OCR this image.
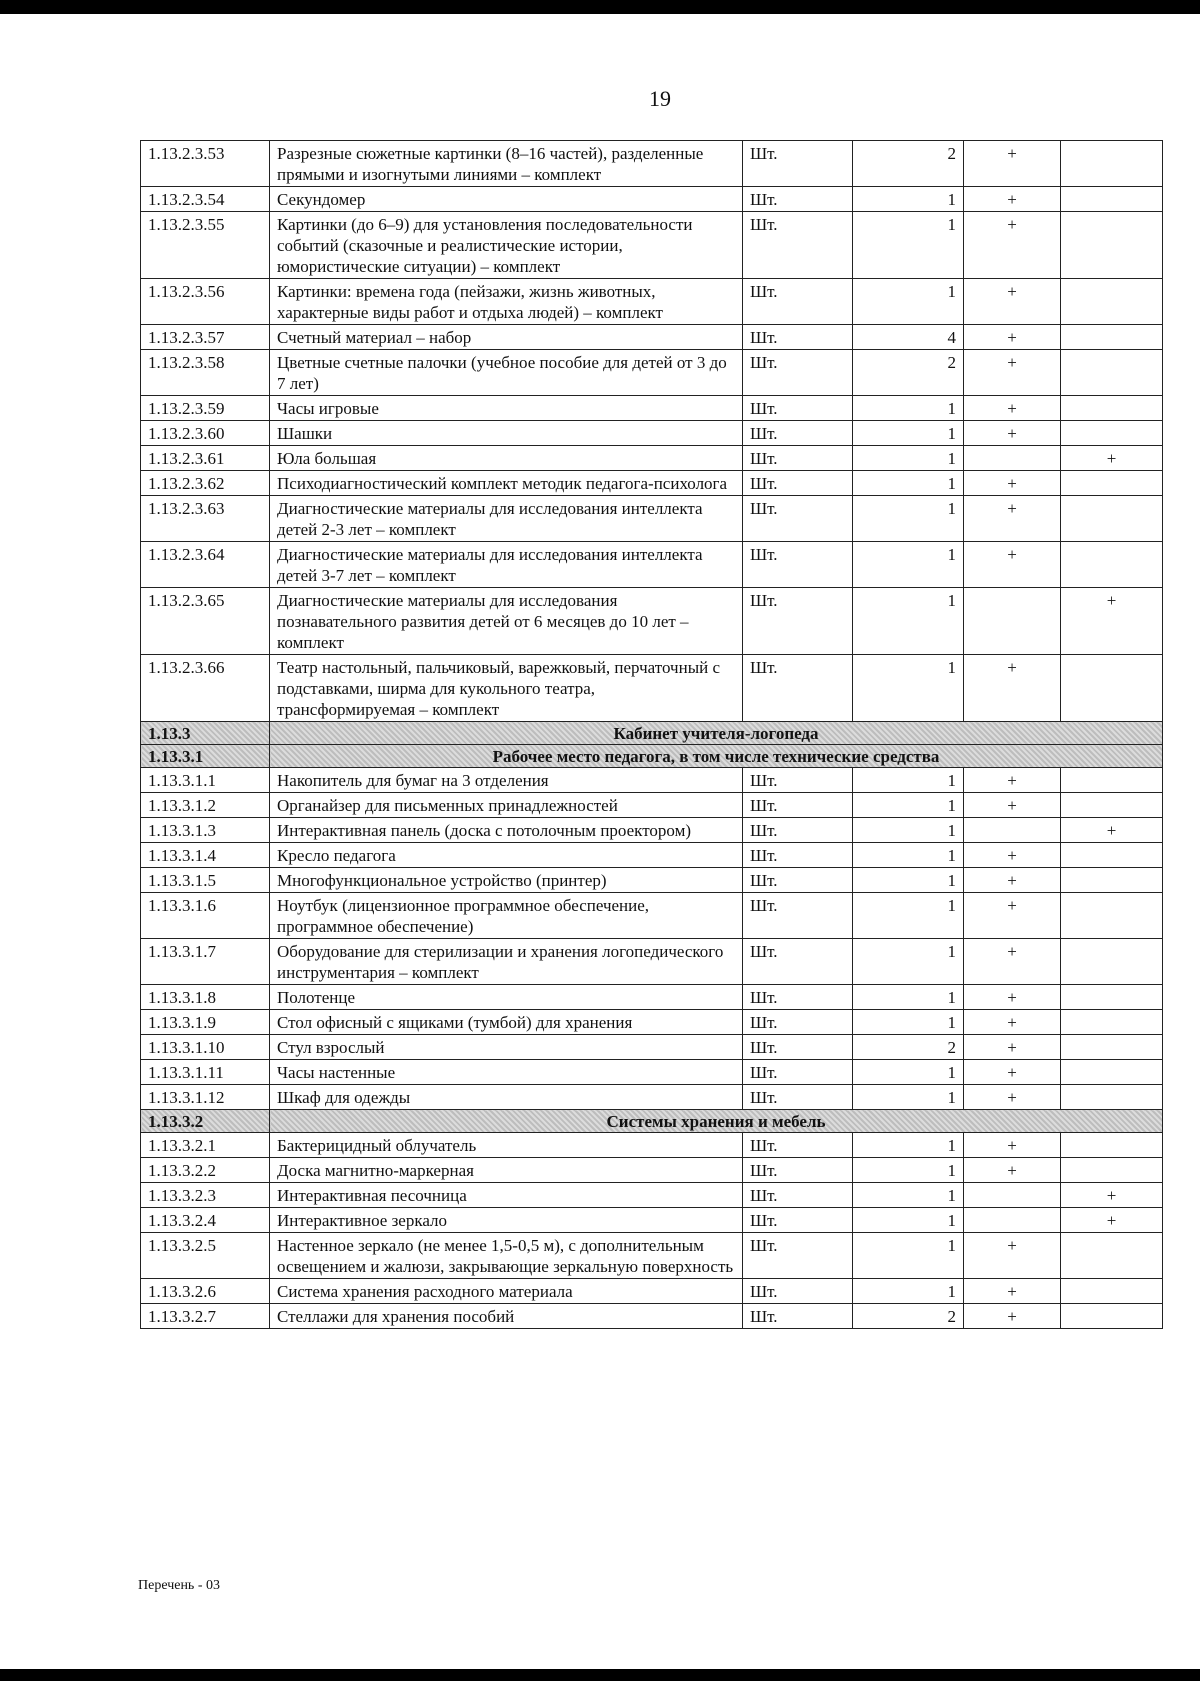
19
1.13.2.3.53	Разрезные сюжетные картинки (8–16 частей), разделенные прямыми и изогнутыми линиями – комплект	Шт.	2	+	
1.13.2.3.54	Секундомер	Шт.	1	+	
1.13.2.3.55	Картинки (до 6–9) для установления последовательности событий (сказочные и реалистические истории, юмористические ситуации) – комплект	Шт.	1	+	
1.13.2.3.56	Картинки: времена года (пейзажи, жизнь животных, характерные виды работ и отдыха людей) – комплект	Шт.	1	+	
1.13.2.3.57	Счетный материал – набор	Шт.	4	+	
1.13.2.3.58	Цветные счетные палочки (учебное пособие для детей от 3 до 7 лет)	Шт.	2	+	
1.13.2.3.59	Часы игровые	Шт.	1	+	
1.13.2.3.60	Шашки	Шт.	1	+	
1.13.2.3.61	Юла большая	Шт.	1		+
1.13.2.3.62	Психодиагностический комплект методик педагога-психолога	Шт.	1	+	
1.13.2.3.63	Диагностические материалы для исследования интеллекта детей 2-3 лет – комплект	Шт.	1	+	
1.13.2.3.64	Диагностические материалы для исследования интеллекта детей 3-7 лет – комплект	Шт.	1	+	
1.13.2.3.65	Диагностические материалы для исследования познавательного развития детей от 6 месяцев до 10 лет – комплект	Шт.	1		+
1.13.2.3.66	Театр настольный, пальчиковый, варежковый, перчаточный с подставками, ширма для кукольного театра, трансформируемая – комплект	Шт.	1	+	
1.13.3	Кабинет учителя-логопеда				
1.13.3.1	Рабочее место педагога, в том числе технические средства				
1.13.3.1.1	Накопитель для бумаг на 3 отделения	Шт.	1	+	
1.13.3.1.2	Органайзер для письменных принадлежностей	Шт.	1	+	
1.13.3.1.3	Интерактивная панель (доска с потолочным проектором)	Шт.	1		+
1.13.3.1.4	Кресло педагога	Шт.	1	+	
1.13.3.1.5	Многофункциональное устройство (принтер)	Шт.	1	+	
1.13.3.1.6	Ноутбук (лицензионное программное обеспечение, программное обеспечение)	Шт.	1	+	
1.13.3.1.7	Оборудование для стерилизации и хранения логопедического инструментария – комплект	Шт.	1	+	
1.13.3.1.8	Полотенце	Шт.	1	+	
1.13.3.1.9	Стол офисный с ящиками (тумбой) для хранения	Шт.	1	+	
1.13.3.1.10	Стул взрослый	Шт.	2	+	
1.13.3.1.11	Часы настенные	Шт.	1	+	
1.13.3.1.12	Шкаф для одежды	Шт.	1	+	
1.13.3.2	Системы хранения и мебель				
1.13.3.2.1	Бактерицидный облучатель	Шт.	1	+	
1.13.3.2.2	Доска магнитно-маркерная	Шт.	1	+	
1.13.3.2.3	Интерактивная песочница	Шт.	1		+
1.13.3.2.4	Интерактивное зеркало	Шт.	1		+
1.13.3.2.5	Настенное зеркало (не менее 1,5-0,5 м), с дополнительным освещением и жалюзи, закрывающие зеркальную поверхность	Шт.	1	+	
1.13.3.2.6	Система хранения расходного материала	Шт.	1	+	
1.13.3.2.7	Стеллажи для хранения пособий	Шт.	2	+	
Перечень - 03
